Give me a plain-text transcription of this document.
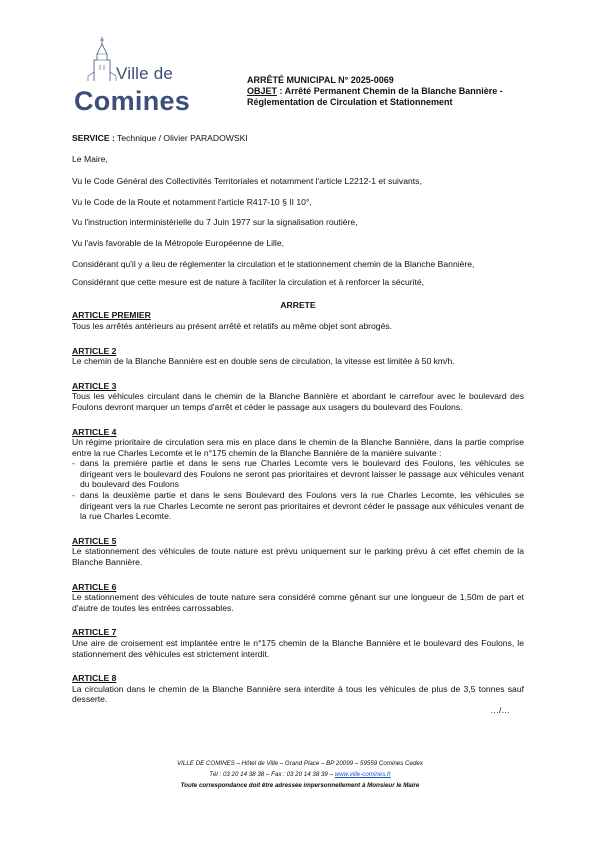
Ville de
Comines
ARRÊTÉ MUNICIPAL N° 2025-0069
OBJET : Arrêté Permanent Chemin de la Blanche Bannière - Réglementation de Circulation et Stationnement

SERVICE : Technique / Olivier PARADOWSKI

Le Maire,

Vu le Code Général des Collectivités Territoriales et notamment l'article L2212-1 et suivants,

Vu le Code de la Route et notamment l'article R417-10 § II 10°,

Vu l'instruction interministérielle du 7 Juin 1977 sur la signalisation routière,

Vu l'avis favorable de la Métropole Européenne de Lille,

Considérant qu'il y a lieu de réglementer la circulation et le stationnement chemin de la Blanche Bannière,

Considérant que cette mesure est de nature à faciliter la circulation et à renforcer la sécurité,

ARRETE

ARTICLE PREMIER

Tous les arrêtés antérieurs au présent arrêté et relatifs au même objet sont abrogés.

ARTICLE 2

Le chemin de la Blanche Bannière est en double sens de circulation, la vitesse est limitée à 50 km/h.

ARTICLE 3

Tous les véhicules circulant dans le chemin de la Blanche Bannière et abordant le carrefour avec le boulevard des Foulons devront marquer un temps d'arrêt et céder le passage aux usagers du boulevard des Foulons.

ARTICLE 4

Un régime prioritaire de circulation sera mis en place dans le chemin de la Blanche Bannière, dans la partie comprise entre la rue Charles Lecomte et le n°175 chemin de la Blanche Bannière de la manière suivante :

- dans la première partie et dans le sens rue Charles Lecomte vers le boulevard des Foulons, les véhicules se dirigeant vers le boulevard des Foulons ne seront pas prioritaires et devront laisser le passage aux véhicules venant du boulevard des Foulons
- dans la deuxième partie et dans le sens Boulevard des Foulons vers la rue Charles Lecomte, les véhicules se dirigeant vers la rue Charles Lecomte ne seront pas prioritaires et devront céder le passage aux véhicules venant de la rue Charles Lecomte.

ARTICLE 5

Le stationnement des véhicules de toute nature est prévu uniquement sur le parking prévu à cet effet chemin de la Blanche Bannière.

ARTICLE 6

Le stationnement des véhicules de toute nature sera considéré comme gênant sur une longueur de 1,50m de part et d'autre de toutes les entrées carrossables.

ARTICLE 7

Une aire de croisement est implantée entre le n°175 chemin de la Blanche Bannière et le boulevard des Foulons, le stationnement des véhicules est strictement interdit.

ARTICLE 8

La circulation dans le chemin de la Blanche Bannière sera interdite à tous les véhicules de plus de 3,5 tonnes sauf desserte.

…/…

VILLE DE COMINES – Hôtel de Ville – Grand Place – BP 20099 – 59559 Comines Cedex
Tél : 03 20 14 38 38 – Fax : 03 20 14 38 39 – www.ville-comines.fr
Toute correspondance doit être adressée impersonnellement à Monsieur le Maire
